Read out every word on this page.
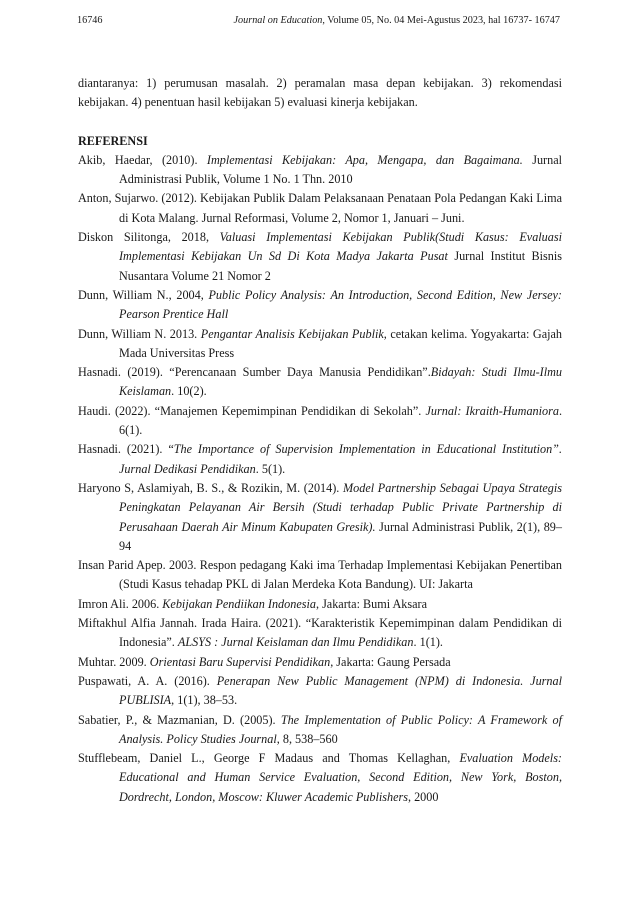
16746	Journal on Education, Volume 05, No. 04 Mei-Agustus 2023, hal 16737- 16747

diantaranya: 1) perumusan masalah. 2) peramalan masa depan kebijakan. 3) rekomendasi kebijakan. 4) penentuan hasil kebijakan 5) evaluasi kinerja kebijakan.

REFERENSI

Akib, Haedar, (2010). Implementasi Kebijakan: Apa, Mengapa, dan Bagaimana. Jurnal Administrasi Publik, Volume 1 No. 1 Thn. 2010

Anton, Sujarwo. (2012). Kebijakan Publik Dalam Pelaksanaan Penataan Pola Pedangan Kaki Lima di Kota Malang. Jurnal Reformasi, Volume 2, Nomor 1, Januari – Juni.

Diskon Silitonga, 2018, Valuasi Implementasi Kebijakan Publik(Studi Kasus: Evaluasi Implementasi Kebijakan Un Sd Di Kota Madya Jakarta Pusat Jurnal Institut Bisnis Nusantara Volume 21 Nomor 2

Dunn, William N., 2004, Public Policy Analysis: An Introduction, Second Edition, New Jersey: Pearson Prentice Hall

Dunn, William N. 2013. Pengantar Analisis Kebijakan Publik, cetakan kelima. Yogyakarta: Gajah Mada Universitas Press

Hasnadi. (2019). “Perencanaan Sumber Daya Manusia Pendidikan”.Bidayah: Studi Ilmu-Ilmu Keislaman. 10(2).

Haudi. (2022). “Manajemen Kepemimpinan Pendidikan di Sekolah”. Jurnal: Ikraith-Humaniora. 6(1).

Hasnadi. (2021). “The Importance of Supervision Implementation in Educational Institution”. Jurnal Dedikasi Pendidikan. 5(1).

Haryono S, Aslamiyah, B. S., & Rozikin, M. (2014). Model Partnership Sebagai Upaya Strategis Peningkatan Pelayanan Air Bersih (Studi terhadap Public Private Partnership di Perusahaan Daerah Air Minum Kabupaten Gresik). Jurnal Administrasi Publik, 2(1), 89–94

Insan Parid Apep. 2003. Respon pedagang Kaki ima Terhadap Implementasi Kebijakan Penertiban (Studi Kasus tehadap PKL di Jalan Merdeka Kota Bandung). UI: Jakarta

Imron Ali. 2006. Kebijakan Pendiikan Indonesia, Jakarta: Bumi Aksara

Miftakhul Alfia Jannah. Irada Haira. (2021). “Karakteristik Kepemimpinan dalam Pendidikan di Indonesia”. ALSYS : Jurnal Keislaman dan Ilmu Pendidikan. 1(1).

Muhtar. 2009. Orientasi Baru Supervisi Pendidikan, Jakarta: Gaung Persada

Puspawati, A. A. (2016). Penerapan New Public Management (NPM) di Indonesia. Jurnal PUBLISIA, 1(1), 38–53.

Sabatier, P., & Mazmanian, D. (2005). The Implementation of Public Policy: A Framework of Analysis. Policy Studies Journal, 8, 538–560

Stufflebeam, Daniel L., George F Madaus and Thomas Kellaghan, Evaluation Models: Educational and Human Service Evaluation, Second Edition, New York, Boston, Dordrecht, London, Moscow: Kluwer Academic Publishers, 2000
